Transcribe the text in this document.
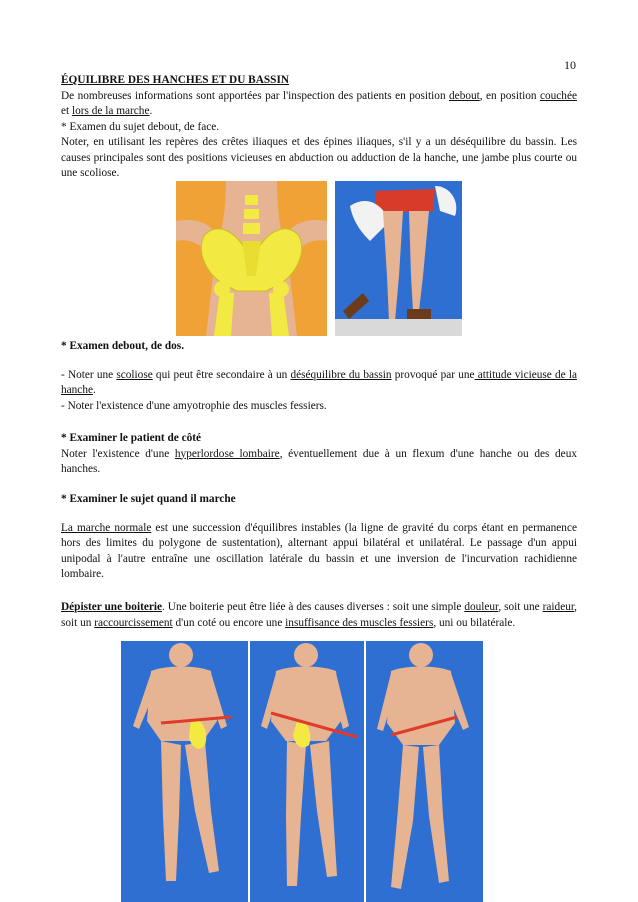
10

ÉQUILIBRE DES HANCHES ET DU BASSIN

De nombreuses informations sont apportées par l'inspection des patients en position debout, en position couchée et lors de la marche.

* Examen du sujet debout, de face.

Noter, en utilisant les repères des crêtes iliaques et des épines iliaques, s'il y a un déséquilibre du bassin. Les causes principales sont des positions vicieuses en abduction ou adduction de la hanche, une jambe plus courte ou une scoliose.

* Examen debout, de dos.

- Noter une scoliose qui peut être secondaire à un déséquilibre du bassin provoqué par une attitude vicieuse de la hanche.

- Noter l'existence d'une amyotrophie des muscles fessiers.

* Examiner le patient de côté

Noter l'existence d'une hyperlordose lombaire, éventuellement due à un flexum d'une hanche ou des deux hanches.

* Examiner le sujet quand il marche

La marche normale est une succession d'équilibres instables (la ligne de gravité du corps étant en permanence hors des limites du polygone de sustentation), alternant appui bilatéral et unilatéral. Le passage d'un appui unipodal à l'autre entraîne une oscillation latérale du bassin et une inversion de l'incurvation rachidienne lombaire.

Dépister une boiterie. Une boiterie peut être liée à des causes diverses : soit une simple douleur, soit une raideur, soit un raccourcissement d'un coté ou encore une insuffisance des muscles fessiers, uni ou bilatérale.
